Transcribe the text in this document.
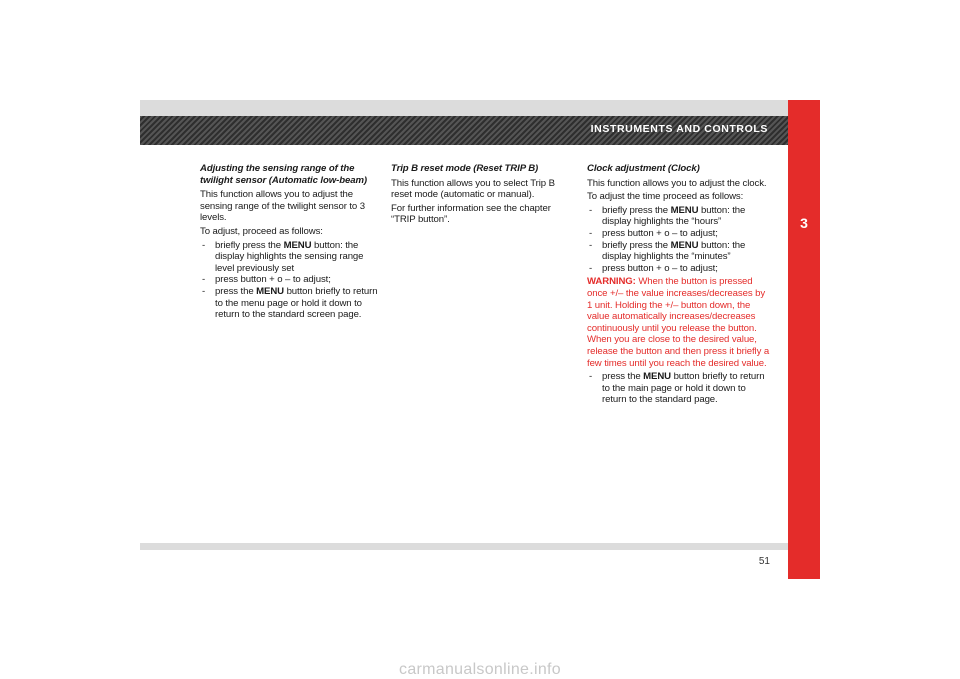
INSTRUMENTS AND CONTROLS
3
51
Adjusting the sensing range of the twilight sensor (Automatic low-beam)
This function allows you to adjust the sensing range of the twilight sensor to 3 levels.
To adjust, proceed as follows:
- briefly press the MENU button: the display highlights the sensing range level previously set
- press button + o – to adjust;
- press the MENU button briefly to return to the menu page or hold it down to return to the standard screen page.
Trip B reset mode (Reset TRIP B)
This function allows you to select Trip B reset mode (automatic or manual).
For further information see the chapter “TRIP button”.
Clock adjustment (Clock)
This function allows you to adjust the clock.
To adjust the time proceed as follows:
- briefly press the MENU button: the display highlights the “hours”
- press button + o – to adjust;
- briefly press the MENU button: the display highlights the “minutes”
- press button + o – to adjust;
WARNING: When the button is pressed once +/– the value increases/decreases by 1 unit. Holding the +/– button down, the value automatically increases/decreases continuously until you release the button. When you are close to the desired value, release the button and then press it briefly a few times until you reach the desired value.
- press the MENU button briefly to return to the main page or hold it down to return to the standard page.
carmanualsonline.info
